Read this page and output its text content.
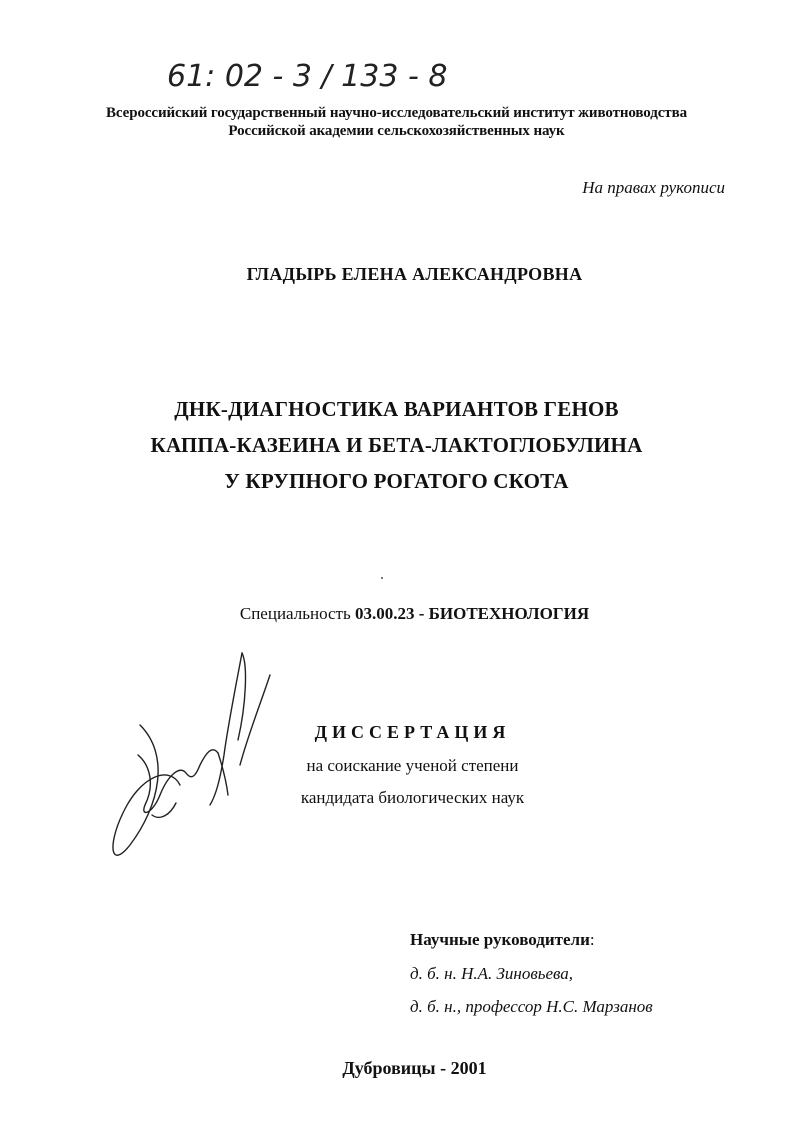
61: 02 - 3 / 133 - 8
Всероссийский государственный научно-исследовательский институт животноводства
Российской академии сельскохозяйственных наук
На правах рукописи
ГЛАДЫРЬ ЕЛЕНА АЛЕКСАНДРОВНА
ДНК-ДИАГНОСТИКА ВАРИАНТОВ ГЕНОВ
КАППА-КАЗЕИНА И БЕТА-ЛАКТОГЛОБУЛИНА
У КРУПНОГО РОГАТОГО СКОТА
Специальность 03.00.23 - БИОТЕХНОЛОГИЯ
ДИССЕРТАЦИЯ
на соискание ученой степени
кандидата биологических наук
Научные руководители:
д. б. н. Н.А. Зиновьева,
д. б. н., профессор Н.С. Марзанов
Дубровицы - 2001
